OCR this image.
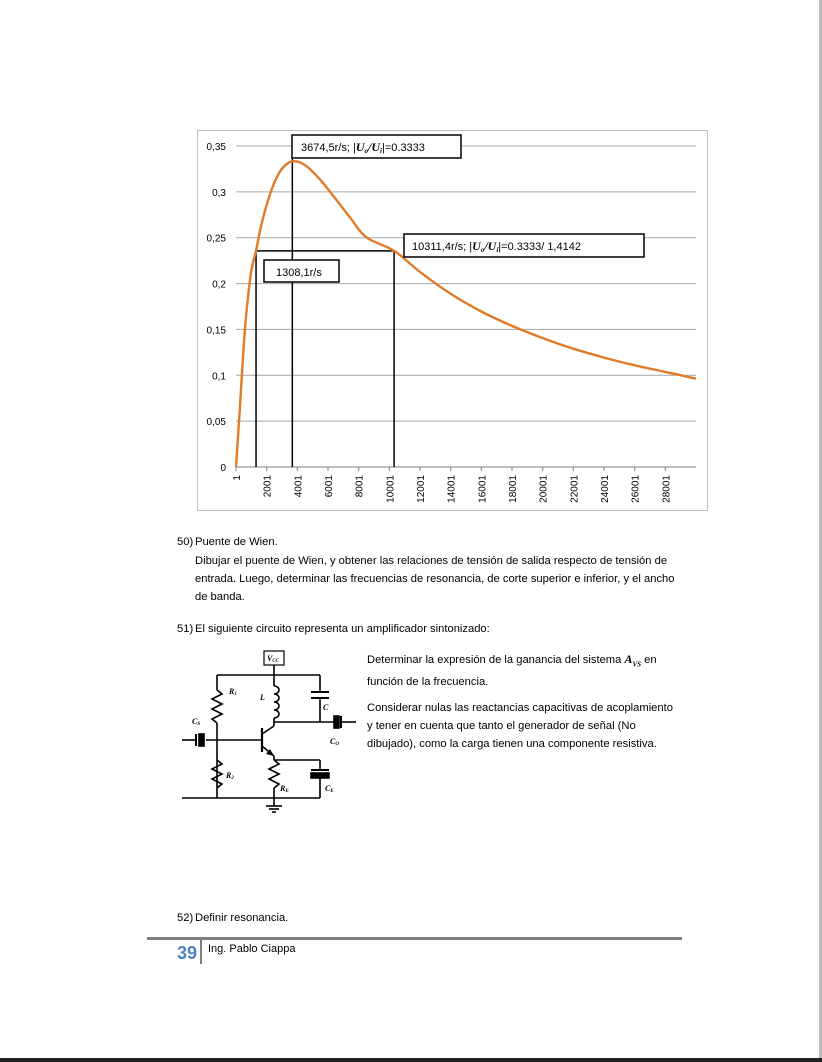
0
0,05
0,1
0,15
0,2
0,25
0,3
0,35
1 2001 4001 6001 8001 10001 12001 14001 16001 18001 20001 22001 24001 26001 28001
3674,5r/s; |Uo/Ui|=0.3333
10311,4r/s; |Uo/Ui|=0.3333/ 1,4142
1308,1r/s
50) Puente de Wien.
Dibujar el puente de Wien, y obtener las relaciones de tensión de salida respecto de tensión de entrada. Luego, determinar las frecuencias de resonancia, de corte superior e inferior, y el ancho de banda.
51) El siguiente circuito representa un amplificador sintonizado:
VCC
R1	L
C
CO
CS
R2
RE	CE

Determinar la expresión de la ganancia del sistema $A_{VS}$ en función de la frecuencia.

Considerar nulas las reactancias capacitivas de acoplamiento y tener en cuenta que tanto el generador de señal (No dibujado), como la carga tienen una componente resistiva.

52) Definir resonancia.
39 Ing. Pablo Ciappa
